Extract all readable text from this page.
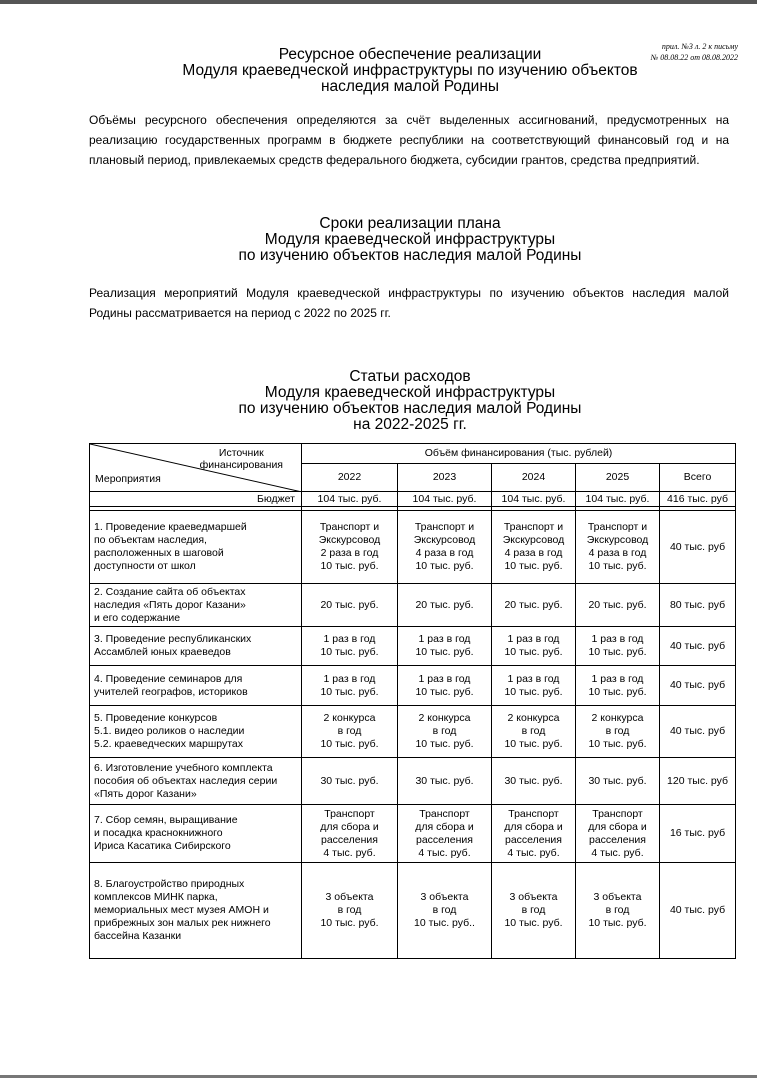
прил. №3 л. 2 к письму
№ 08.08.22 от 08.08.2022
Ресурсное обеспечение реализации
Модуля краеведческой инфраструктуры по изучению объектов
наследия малой Родины
Объёмы ресурсного обеспечения определяются за счёт выделенных ассигнований, предусмотренных на
реализацию государственных программ в бюджете республики на соответствующий финансовый год и на
плановый период, привлекаемых средств федерального бюджета, субсидии грантов, средства предприятий.
Сроки реализации плана
Модуля краеведческой инфраструктуры
по изучению объектов наследия малой Родины
Реализация мероприятий Модуля краеведческой инфраструктуры по изучению объектов наследия малой
Родины рассматривается на период с 2022 по 2025 гг.
Статьи расходов
Модуля краеведческой инфраструктуры
по изучению объектов наследия малой Родины
на 2022-2025 гг.
Источник
финансирования
Мероприятия	Объём финансирования (тыс. рублей)				
	2022	2023	2024	2025	Всего
Бюджет	104 тыс. руб.	104 тыс. руб.	104 тыс. руб.	104 тыс. руб.	416 тыс. руб

1. Проведение краеведмаршей
по объектам наследия,
расположенных в шаговой
доступности от школ	Транспорт и
Экскурсовод
2 раза в год
10 тыс. руб.	Транспорт и
Экскурсовод
4 раза в год
10 тыс. руб.	Транспорт и
Экскурсовод
4 раза в год
10 тыс. руб.	Транспорт и
Экскурсовод
4 раза в год
10 тыс. руб.	40 тыс. руб

2. Создание сайта об объектах
наследия «Пять дорог Казани»
и его содержание	20 тыс. руб.	20 тыс. руб.	20 тыс. руб.	20 тыс. руб.	80 тыс. руб

3. Проведение республиканских
Ассамблей юных краеведов	1 раз в год
10 тыс. руб.	1 раз в год
10 тыс. руб.	1 раз в год
10 тыс. руб.	1 раз в год
10 тыс. руб.	40 тыс. руб

4. Проведение семинаров для
учителей географов, историков	1 раз в год
10 тыс. руб.	1 раз в год
10 тыс. руб.	1 раз в год
10 тыс. руб.	1 раз в год
10 тыс. руб.	40 тыс. руб

5. Проведение конкурсов
5.1. видео роликов о наследии
5.2. краеведческих маршрутах	2 конкурса
в год
10 тыс. руб.	2 конкурса
в год
10 тыс. руб.	2 конкурса
в год
10 тыс. руб.	2 конкурса
в год
10 тыс. руб.	40 тыс. руб

6. Изготовление учебного комплекта
пособия об объектах наследия серии
«Пять дорог Казани»	30 тыс. руб.	30 тыс. руб.	30 тыс. руб.	30 тыс. руб.	120 тыс. руб

7. Сбор семян, выращивание
и посадка краснокнижного
Ириса Касатика Сибирского	Транспорт
для сбора и
расселения
4 тыс. руб.	Транспорт
для сбора и
расселения
4 тыс. руб.	Транспорт
для сбора и
расселения
4 тыс. руб.	Транспорт
для сбора и
расселения
4 тыс. руб.	16 тыс. руб

8. Благоустройство природных
комплексов МИНК парка,
мемориальных мест музея АМОН и
прибрежных зон малых рек нижнего
бассейна Казанки	3 объекта
в год
10 тыс. руб.	3 объекта
в год
10 тыс. руб..	3 объекта
в год
10 тыс. руб.	3 объекта
в год
10 тыс. руб.	40 тыс. руб
